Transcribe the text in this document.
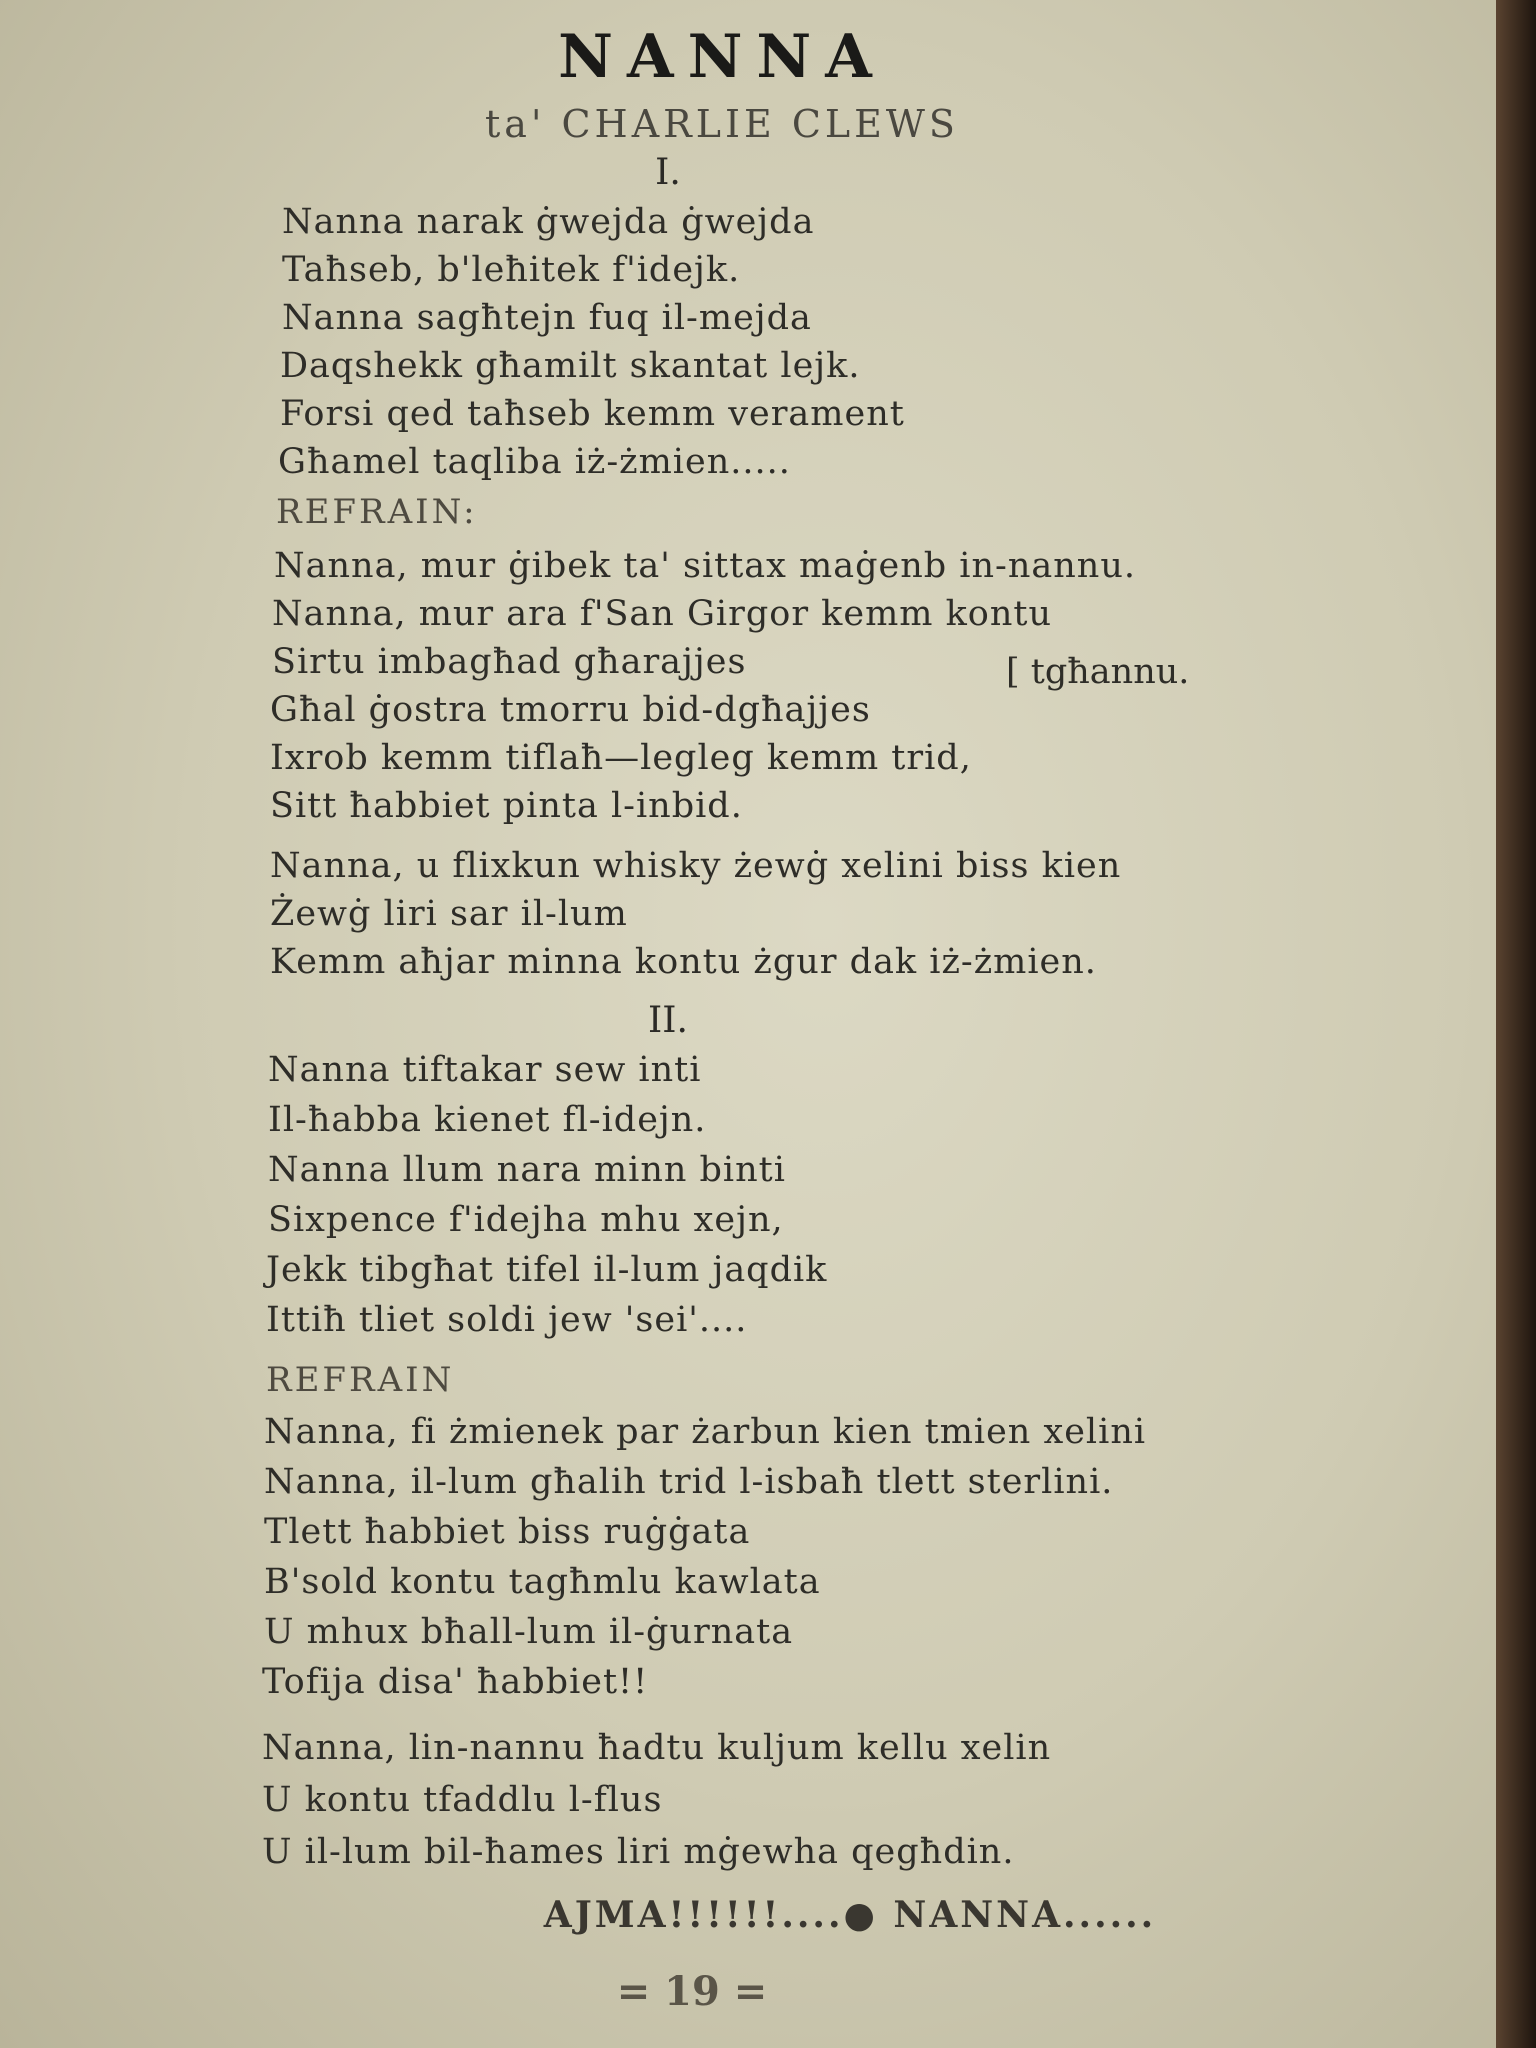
NANNA
ta' CHARLIE CLEWS
I.
Nanna narak ġwejda ġwejda
Taħseb, b'leħitek f'idejk.
Nanna sagħtejn fuq il-mejda
Daqshekk għamilt skantat lejk.
Forsi qed taħseb kemm verament
Għamel taqliba iż-żmien.....
REFRAIN:
Nanna, mur ġibek ta' sittax maġenb in-nannu.
Nanna, mur ara f'San Girgor kemm kontu
Sirtu imbagħad għarajjes	[ tgħannu.
Għal ġostra tmorru bid-dgħajjes
Ixrob kemm tiflaħ—legleg kemm trid,
Sitt ħabbiet pinta l-inbid.
Nanna, u flixkun whisky żewġ xelini biss kien
Żewġ liri sar il-lum
Kemm aħjar minna kontu żgur dak iż-żmien.
II.
Nanna tiftakar sew inti
Il-ħabba kienet fl-idejn.
Nanna llum nara minn binti
Sixpence f'idejha mhu xejn,
Jekk tibgħat tifel il-lum jaqdik
Ittiħ tliet soldi jew 'sei'....
REFRAIN
Nanna, fi żmienek par żarbun kien tmien xelini
Nanna, il-lum għalih trid l-isbaħ tlett sterlini.
Tlett ħabbiet biss ruġġata
B'sold kontu tagħmlu kawlata
U mhux bħall-lum il-ġurnata
Tofija disa' ħabbiet!!
Nanna, lin-nannu ħadtu kuljum kellu xelin
U kontu tfaddlu l-flus
U il-lum bil-ħames liri mġewha qegħdin.
AJMA!!!!!!....● NANNA......
= 19 =
